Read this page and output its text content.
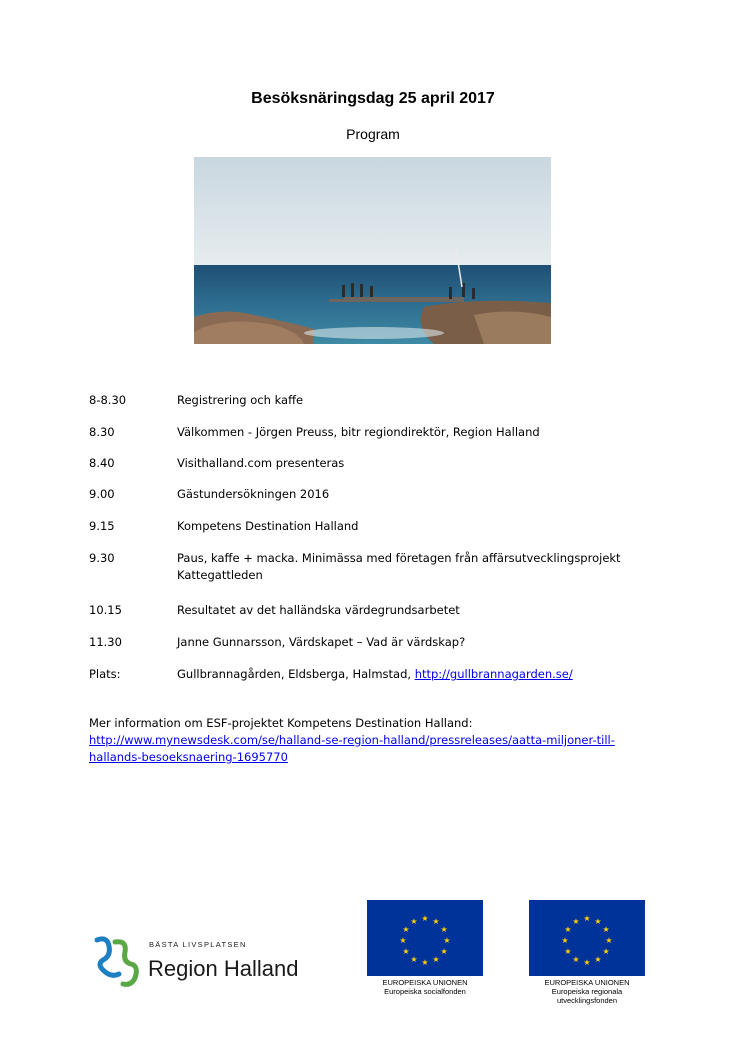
Besöksnäringsdag 25 april 2017
Program
8-8.30	Registrering och kaffe
8.30	Välkommen - Jörgen Preuss, bitr regiondirektör, Region Halland
8.40	Visithalland.com presenteras
9.00	Gästundersökningen 2016
9.15	Kompetens Destination Halland
9.30	Paus, kaffe + macka. Minimässa med företagen från affärsutvecklingsprojekt Kattegattleden
10.15	Resultatet av det halländska värdegrundsarbetet
11.30	Janne Gunnarsson, Värdskapet – Vad är värdskap?
Plats:	Gullbrannagården, Eldsberga, Halmstad, http://gullbrannagarden.se/
Mer information om ESF-projektet Kompetens Destination Halland:
http://www.mynewsdesk.com/se/halland-se-region-halland/pressreleases/aatta-miljoner-till-hallands-besoeksnaering-1695770
BÄSTA LIVSPLATSEN
Region Halland
★ ★
★
★
★
★
★
★
★
★
★
★
EUROPEISKA UNIONEN
Europeiska socialfonden
★ ★
★
★
★
★
★
★
★
★
★
★
EUROPEISKA UNIONEN
Europeiska regionala
utvecklingsfonden
